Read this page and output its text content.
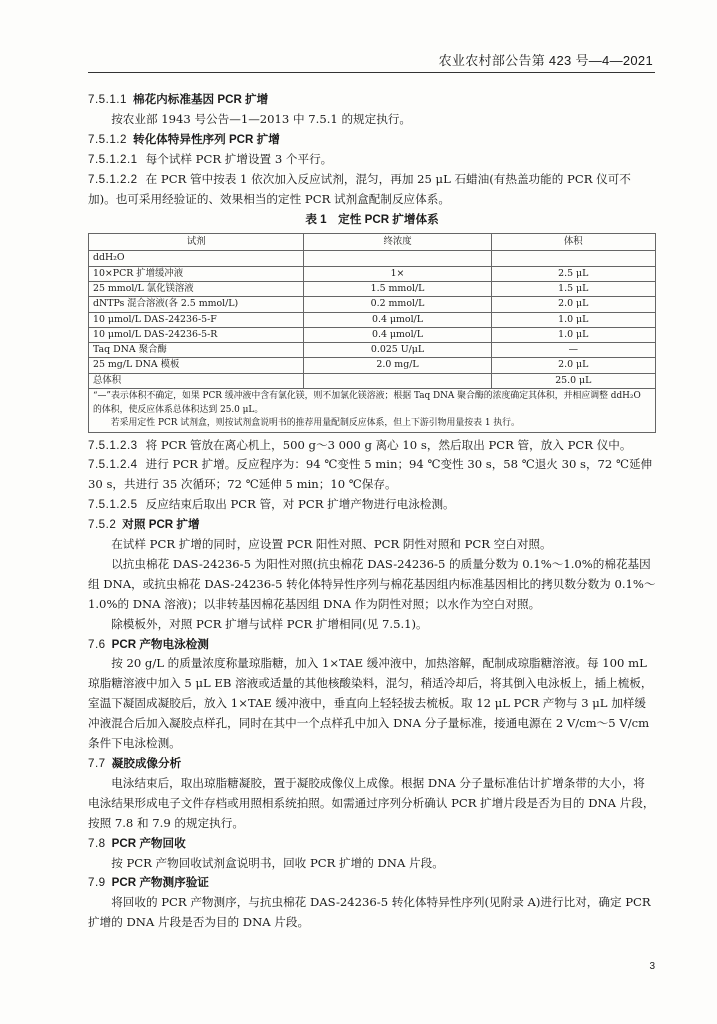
农业农村部公告第 423 号—4—2021
7.5.1.1 棉花内标准基因 PCR 扩增

按农业部 1943 号公告—1—2013 中 7.5.1 的规定执行。

7.5.1.2 转化体特异性序列 PCR 扩增

7.5.1.2.1 每个试样 PCR 扩增设置 3 个平行。

7.5.1.2.2 在 PCR 管中按表 1 依次加入反应试剂，混匀，再加 25 μL 石蜡油(有热盖功能的 PCR 仪可不加)。也可采用经验证的、效果相当的定性 PCR 试剂盒配制反应体系。

表 1　定性 PCR 扩增体系
试剂	终浓度	体积
ddH₂O		
10×PCR 扩增缓冲液	1×	2.5 μL
25 mmol/L 氯化镁溶液	1.5 mmol/L	1.5 μL
dNTPs 混合溶液(各 2.5 mmol/L)	0.2 mmol/L	2.0 μL
10 μmol/L DAS-24236-5-F	0.4 μmol/L	1.0 μL
10 μmol/L DAS-24236-5-R	0.4 μmol/L	1.0 μL
Taq DNA 聚合酶	0.025 U/μL	—
25 mg/L DNA 模板	2.0 mg/L	2.0 μL
总体积		25.0 μL

“—”表示体积不确定，如果 PCR 缓冲液中含有氯化镁，则不加氯化镁溶液；根据 Taq DNA 聚合酶的浓度确定其体积，并相应调整 ddH₂O 的体积，使反应体系总体积达到 25.0 μL。

若采用定性 PCR 试剂盒，则按试剂盒说明书的推荐用量配制反应体系，但上下游引物用量按表 1 执行。		

7.5.1.2.3 将 PCR 管放在离心机上，500 g～3 000 g 离心 10 s，然后取出 PCR 管，放入 PCR 仪中。

7.5.1.2.4 进行 PCR 扩增。反应程序为：94 ℃变性 5 min；94 ℃变性 30 s，58 ℃退火 30 s，72 ℃延伸 30 s，共进行 35 次循环；72 ℃延伸 5 min；10 ℃保存。

7.5.1.2.5 反应结束后取出 PCR 管，对 PCR 扩增产物进行电泳检测。

7.5.2 对照 PCR 扩增

在试样 PCR 扩增的同时，应设置 PCR 阳性对照、PCR 阴性对照和 PCR 空白对照。

以抗虫棉花 DAS-24236-5 为阳性对照(抗虫棉花 DAS-24236-5 的质量分数为 0.1%～1.0%的棉花基因组 DNA，或抗虫棉花 DAS-24236-5 转化体特异性序列与棉花基因组内标准基因相比的拷贝数分数为 0.1%～1.0%的 DNA 溶液)；以非转基因棉花基因组 DNA 作为阴性对照；以水作为空白对照。

除模板外，对照 PCR 扩增与试样 PCR 扩增相同(见 7.5.1)。

7.6 PCR 产物电泳检测

按 20 g/L 的质量浓度称量琼脂糖，加入 1×TAE 缓冲液中，加热溶解，配制成琼脂糖溶液。每 100 mL 琼脂糖溶液中加入 5 μL EB 溶液或适量的其他核酸染料，混匀，稍适冷却后，将其倒入电泳板上，插上梳板，室温下凝固成凝胶后，放入 1×TAE 缓冲液中，垂直向上轻轻拔去梳板。取 12 μL PCR 产物与 3 μL 加样缓冲液混合后加入凝胶点样孔，同时在其中一个点样孔中加入 DNA 分子量标准，接通电源在 2 V/cm～5 V/cm 条件下电泳检测。

7.7 凝胶成像分析

电泳结束后，取出琼脂糖凝胶，置于凝胶成像仪上成像。根据 DNA 分子量标准估计扩增条带的大小，将电泳结果形成电子文件存档或用照相系统拍照。如需通过序列分析确认 PCR 扩增片段是否为目的 DNA 片段，按照 7.8 和 7.9 的规定执行。

7.8 PCR 产物回收

按 PCR 产物回收试剂盒说明书，回收 PCR 扩增的 DNA 片段。

7.9 PCR 产物测序验证

将回收的 PCR 产物测序，与抗虫棉花 DAS-24236-5 转化体特异性序列(见附录 A)进行比对，确定 PCR 扩增的 DNA 片段是否为目的 DNA 片段。

3
